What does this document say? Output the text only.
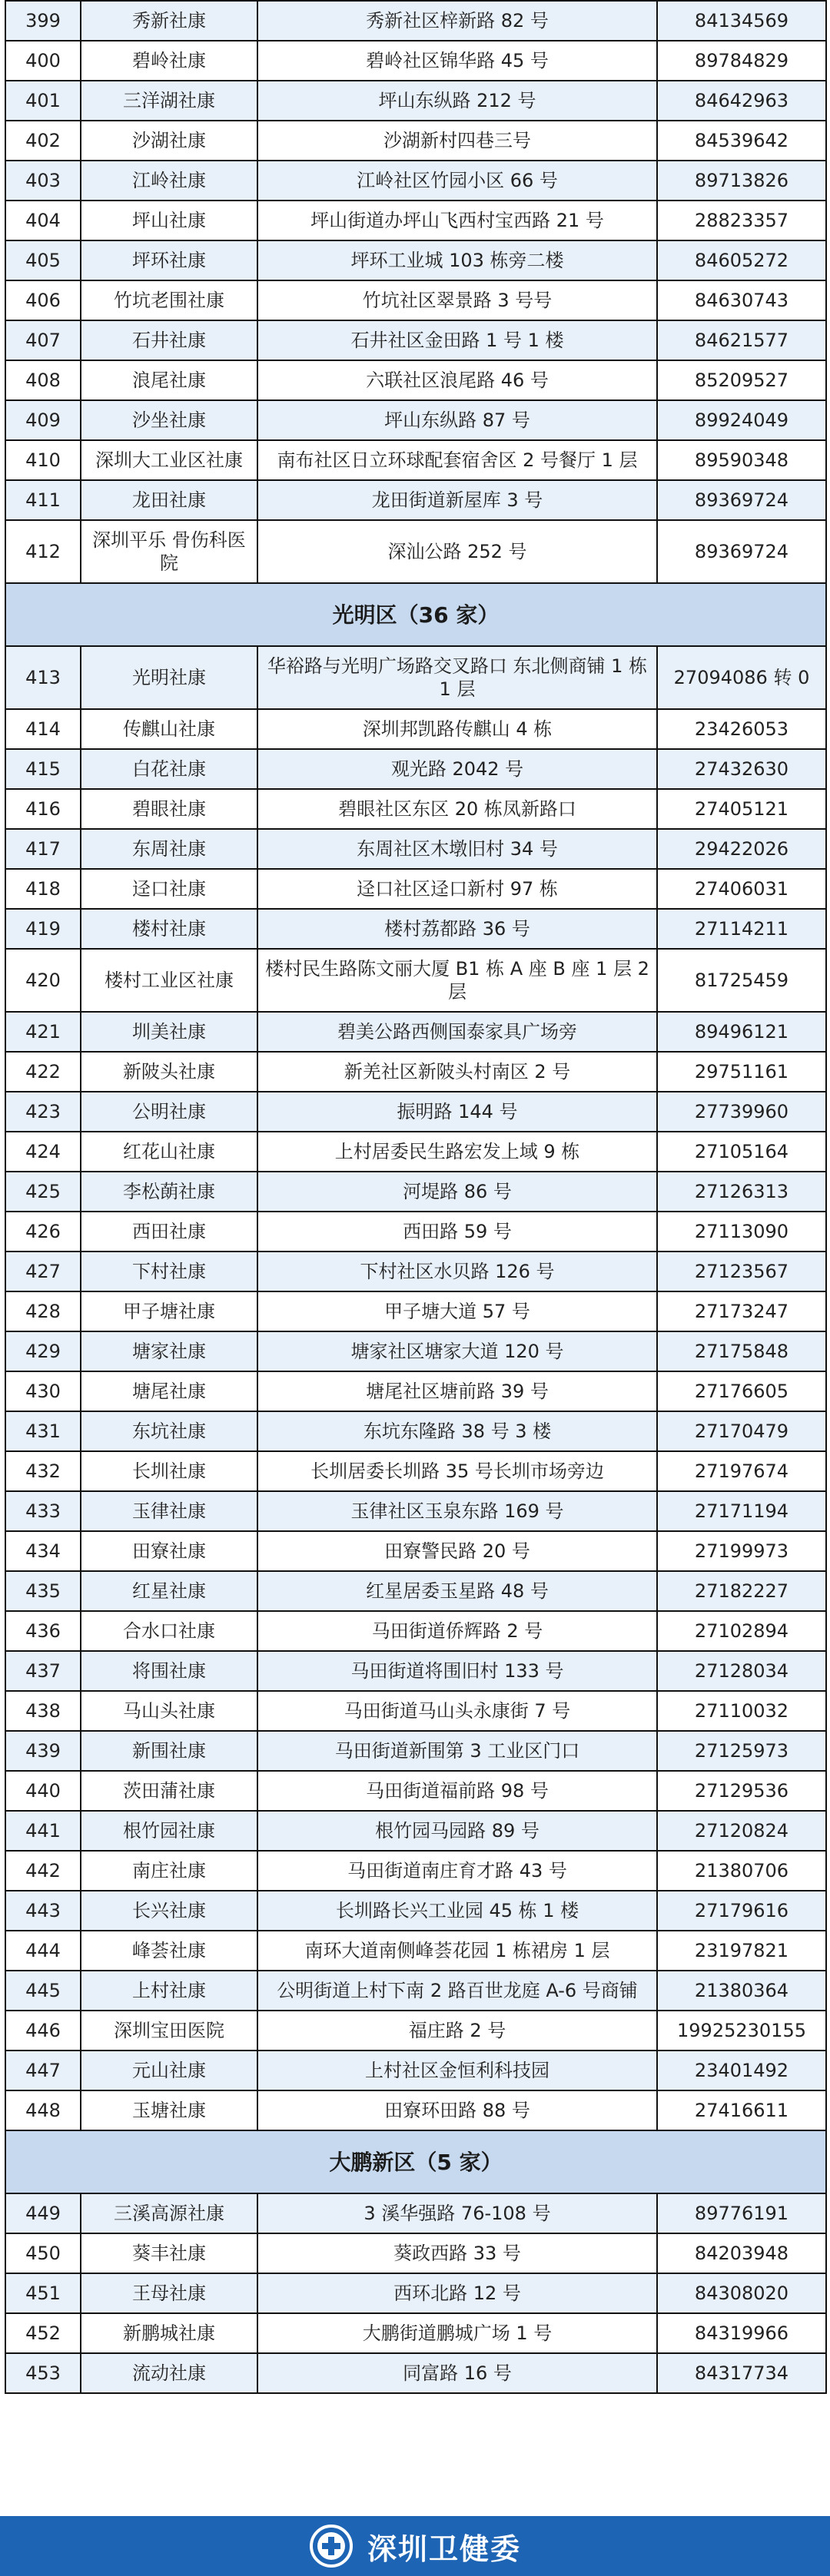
399	秀新社康	秀新社区梓新路 82 号	84134569
400	碧岭社康	碧岭社区锦华路 45 号	89784829
401	三洋湖社康	坪山东纵路 212 号	84642963
402	沙湖社康	沙湖新村四巷三号	84539642
403	江岭社康	江岭社区竹园小区 66 号	89713826
404	坪山社康	坪山街道办坪山飞西村宝西路 21 号	28823357
405	坪环社康	坪环工业城 103 栋旁二楼	84605272
406	竹坑老围社康	竹坑社区翠景路 3 号号	84630743
407	石井社康	石井社区金田路 1 号 1 楼	84621577
408	浪尾社康	六联社区浪尾路 46 号	85209527
409	沙坐社康	坪山东纵路 87 号	89924049
410	深圳大工业区社康	南布社区日立环球配套宿舍区 2 号餐厅 1 层	89590348
411	龙田社康	龙田街道新屋库 3 号	89369724
412	深圳平乐 骨伤科医院	深汕公路 252 号	89369724
光明区（36 家）			
413	光明社康	华裕路与光明广场路交叉路口 东北侧商铺 1 栋 1 层	27094086 转 0
414	传麒山社康	深圳邦凯路传麒山 4 栋	23426053
415	白花社康	观光路 2042 号	27432630
416	碧眼社康	碧眼社区东区 20 栋凤新路口	27405121
417	东周社康	东周社区木墩旧村 34 号	29422026
418	迳口社康	迳口社区迳口新村 97 栋	27406031
419	楼村社康	楼村荔都路 36 号	27114211
420	楼村工业区社康	楼村民生路陈文丽大厦 B1 栋 A 座 B 座 1 层 2 层	81725459
421	圳美社康	碧美公路西侧国泰家具广场旁	89496121
422	新陂头社康	新羌社区新陂头村南区 2 号	29751161
423	公明社康	振明路 144 号	27739960
424	红花山社康	上村居委民生路宏发上域 9 栋	27105164
425	李松蓢社康	河堤路 86 号	27126313
426	西田社康	西田路 59 号	27113090
427	下村社康	下村社区水贝路 126 号	27123567
428	甲子塘社康	甲子塘大道 57 号	27173247
429	塘家社康	塘家社区塘家大道 120 号	27175848
430	塘尾社康	塘尾社区塘前路 39 号	27176605
431	东坑社康	东坑东隆路 38 号 3 楼	27170479
432	长圳社康	长圳居委长圳路 35 号长圳市场旁边	27197674
433	玉律社康	玉律社区玉泉东路 169 号	27171194
434	田寮社康	田寮警民路 20 号	27199973
435	红星社康	红星居委玉星路 48 号	27182227
436	合水口社康	马田街道侨辉路 2 号	27102894
437	将围社康	马田街道将围旧村 133 号	27128034
438	马山头社康	马田街道马山头永康街 7 号	27110032
439	新围社康	马田街道新围第 3 工业区门口	27125973
440	茨田蒲社康	马田街道福前路 98 号	27129536
441	根竹园社康	根竹园马园路 89 号	27120824
442	南庄社康	马田街道南庄育才路 43 号	21380706
443	长兴社康	长圳路长兴工业园 45 栋 1 楼	27179616
444	峰荟社康	南环大道南侧峰荟花园 1 栋裙房 1 层	23197821
445	上村社康	公明街道上村下南 2 路百世龙庭 A-6 号商铺	21380364
446	深圳宝田医院	福庄路 2 号	19925230155
447	元山社康	上村社区金恒利科技园	23401492
448	玉塘社康	田寮环田路 88 号	27416611
大鹏新区（5 家）			
449	三溪高源社康	3 溪华强路 76-108 号	89776191
450	葵丰社康	葵政西路 33 号	84203948
451	王母社康	西环北路 12 号	84308020
452	新鹏城社康	大鹏街道鹏城广场 1 号	84319966
453	流动社康	同富路 16 号	84317734
深圳卫健委
